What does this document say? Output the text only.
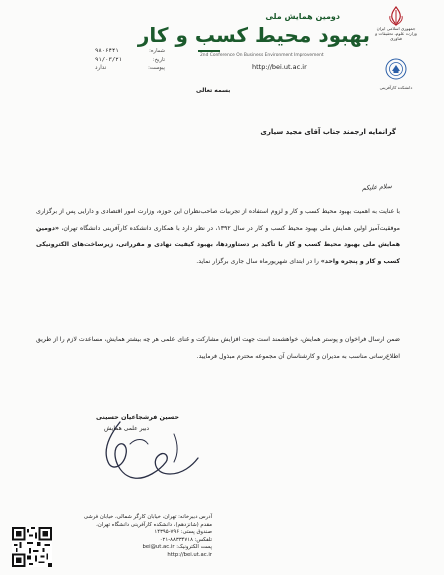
جمهوری اسلامی ایران
وزارت علوم، تحقیقات و فناوری
دانشکده کارآفرینی
دومین همایش ملی
بهبود محیط کسب و کار
2nd Conference On Business Environment Improvement
http://bei.ut.ac.ir
شماره:
۹۸۰۶۴۴۱
تاریخ:
۹۱/۰۳/۲۱
پیوست:
ندارد
بسمه تعالی
گرانمایه ارجمند جناب آقای مجید سیاری
سلام علیکم
با عنایت به اهمیت بهبود محیط کسب و کار و لزوم استفاده از تجربیات صاحب‌نظران این حوزه، وزارت امور اقتصادی و دارایی پس از برگزاری موفقیت‌آمیز اولین همایش ملی بهبود محیط کسب و کار در سال ۱۳۹۲، در نظر دارد با همکاری دانشکده کارآفرینی دانشگاه تهران، «دومین همایش ملی بهبود محیط کسب و کار با تأکید بر دستاوردها، بهبود کیفیت نهادی و مقرراتی، زیرساخت‌های الکترونیکی کسب و کار و پنجره واحد» را در ابتدای شهریورماه سال جاری برگزار نماید.
ضمن ارسال فراخوان و پوستر همایش، خواهشمند است جهت افزایش مشارکت و غنای علمی هر چه بیشتر همایش، مساعدت لازم را از طریق اطلاع‌رسانی مناسب به مدیران و کارشناسان آن مجموعه محترم مبذول فرمایید.
حسین فرشجاعیان حسینی
دبیر علمی همایش
آدرس دبیرخانه: تهران، خیابان کارگر شمالی، خیابان فرشی مقدم (شانزدهم)، دانشکده کارآفرینی دانشگاه تهران، صندوق پستی: ۷۹۶-۱۴۳۹۵
تلفکس: ۸۸۳۳۴۷۱۸-۰۲۱
پست الکترونیک: bei@ut.ac.ir
http://bei.ut.ac.ir
